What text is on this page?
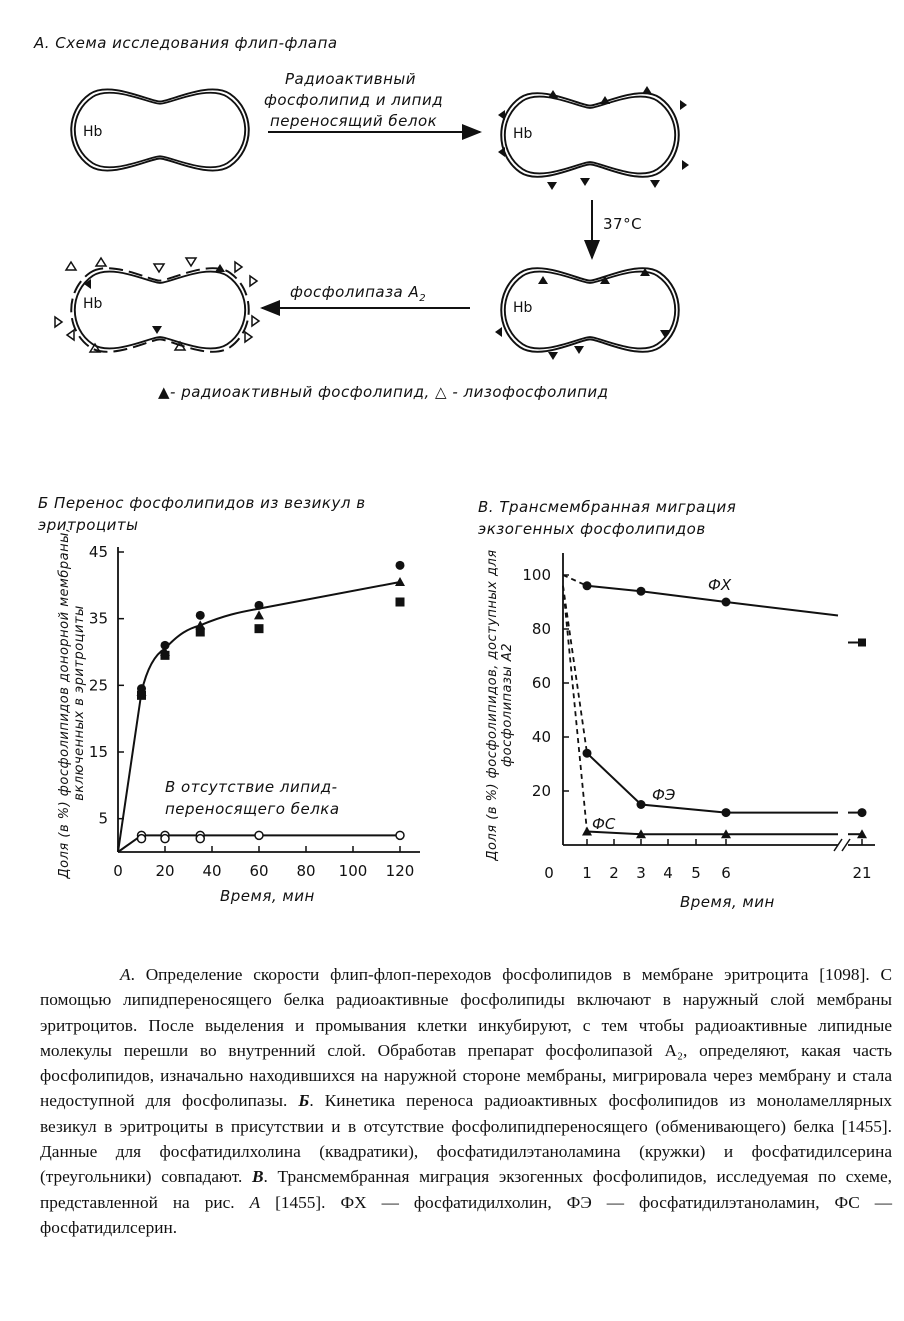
А. Схема исследования флип-флапа
Hb	Hb
Hb
Hb
Радиоактивный
фосфолипид и липид
переносящий белок
37°С
фосфолипаза $А_2$
▲- радиоактивный фосфолипид, △ - лизофосфолипид
Б Перенос фосфолипидов из везикул в эритроциты
Доля (в %) фосфолипидов донорной мембраны, включенных в эритроциты	В отсутствие липид-переносящего белка
Время, мин
5
15
25
35
45
0 20 40 60 80 100 120
В. Трансмембранная миграция экзогенных фосфолипидов
Доля (в %) фосфолипидов, доступных для фосфолипазы А2
Время, мин
20
40
60
80
100
0 1 2 3 4 5 6	21
ФХ
ФЭ
ФС

А. Определение скорости флип-флоп-переходов фосфолипидов в мембране эритроцита [1098]. С помощью липидпереносящего белка радиоактивные фосфолипиды включают в наружный слой мембраны эритроцитов. После выделения и промывания клетки инкубируют, с тем чтобы радиоактивные липидные молекулы перешли во внутренний слой. Обработав препарат фосфолипазой А₂, определяют, какая часть фосфолипидов, изначально находившихся на наружной стороне мембраны, мигрировала через мембрану и стала недоступной для фосфолипазы. Б. Кинетика переноса радиоактивных фосфолипидов из моноламеллярных везикул в эритроциты в присутствии и в отсутствие фосфолипидпереносящего (обменивающего) белка [1455]. Данные для фосфатидилхолина (квадратики), фосфатидилэтаноламина (кружки) и фосфатидилсерина (треугольники) совпадают. В. Трансмембранная миграция экзогенных фосфолипидов, исследуемая по схеме, представленной на рис. А [1455]. ФХ — фосфатидилхолин, ФЭ — фосфатидилэтаноламин, ФС — фосфатидилсерин.
